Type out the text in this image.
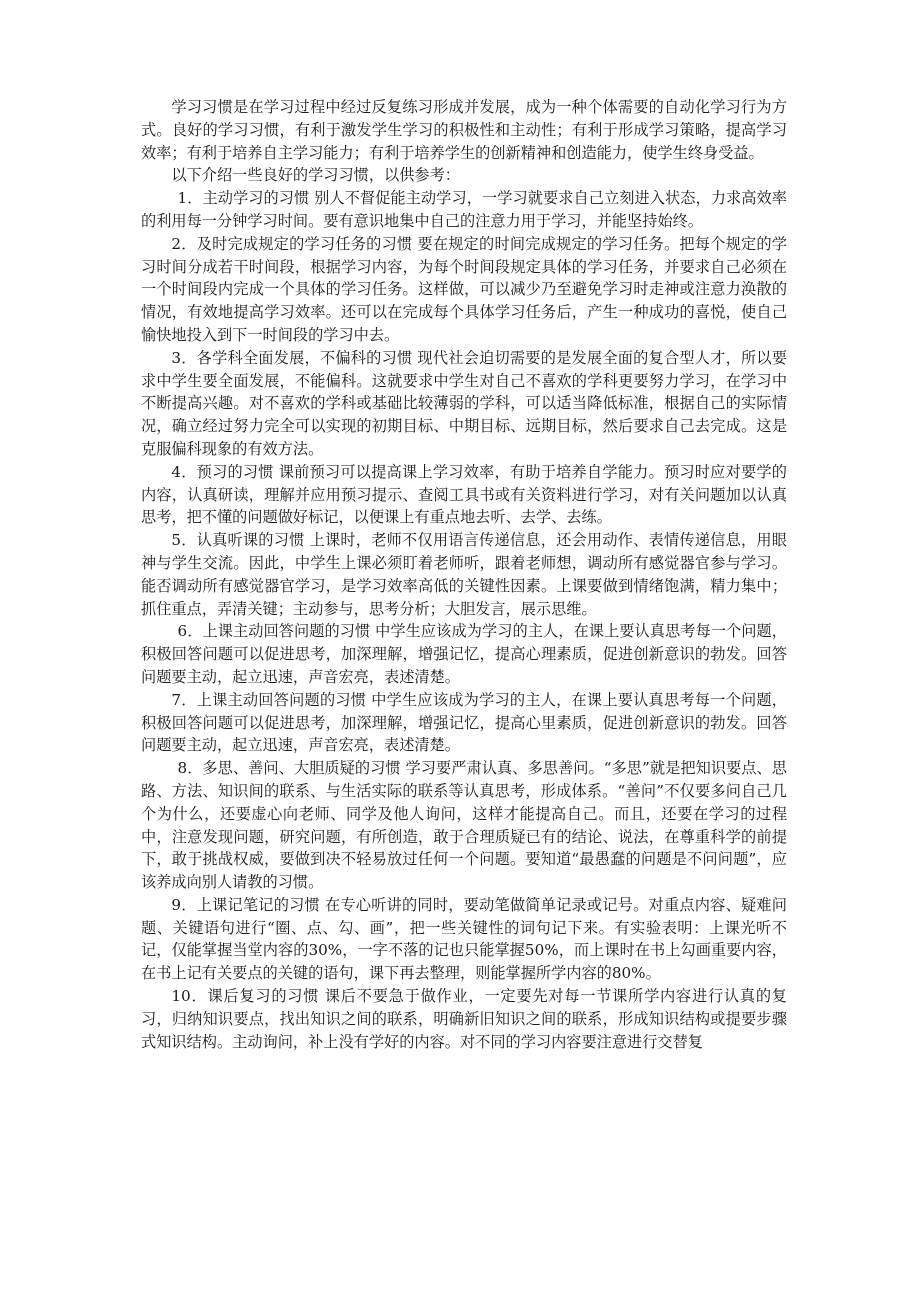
学习习惯是在学习过程中经过反复练习形成并发展，成为一种个体需要的自动化学习行为方式。良好的学习习惯，有利于激发学生学习的积极性和主动性；有利于形成学习策略，提高学习效率；有利于培养自主学习能力；有利于培养学生的创新精神和创造能力，使学生终身受益。

以下介绍一些良好的学习习惯，以供参考：

1．主动学习的习惯 别人不督促能主动学习，一学习就要求自己立刻进入状态，力求高效率的利用每一分钟学习时间。要有意识地集中自己的注意力用于学习，并能坚持始终。

2．及时完成规定的学习任务的习惯 要在规定的时间完成规定的学习任务。把每个规定的学　　习时间分成若干时间段，根据学习内容，为每个时间段规定具体的学习任务，并要求自己必须在一个时间段内完成一个具体的学习任务。这样做，可以减少乃至避免学习时走神或注意力涣散的情况，有效地提高学习效率。还可以在完成每个具体学习任务后，产生一种成功的喜悦，使自己愉快地投入到下一时间段的学习中去。

3．各学科全面发展，不偏科的习惯 现代社会迫切需要的是发展全面的复合型人才，所以要求中学生要全面发展，不能偏科。这就要求中学生对自己不喜欢的学科更要努力学习，在学习中不断提高兴趣。对不喜欢的学科或基础比较薄弱的学科，可以适当降低标准，根据自己的实际情况，确立经过努力完全可以实现的初期目标、中期目标、远期目标，然后要求自己去完成。这是克服偏科现象的有效方法。

4．预习的习惯 课前预习可以提高课上学习效率，有助于培养自学能力。预习时应对要学的内容，认真研读，理解并应用预习提示、查阅工具书或有关资料进行学习，对有关问题加以认真思考，把不懂的问题做好标记，以便课上有重点地去听、去学、去练。

5．认真听课的习惯 上课时，老师不仅用语言传递信息，还会用动作、表情传递信息，用眼神与学生交流。因此，中学生上课必须盯着老师听，跟着老师想，调动所有感觉器官参与学习。能否调动所有感觉器官学习，是学习效率高低的关键性因素。上课要做到情绪饱满，精力集中；抓住重点，弄清关键；主动参与，思考分析；大胆发言，展示思维。

6．上课主动回答问题的习惯 中学生应该成为学习的主人，在课上要认真思考每一个问题，积极回答问题可以促进思考，加深理解，增强记忆，提高心理素质，促进创新意识的勃发。回答问题要主动，起立迅速，声音宏亮，表述清楚。

7．上课主动回答问题的习惯 中学生应该成为学习的主人，在课上要认真思考每一个问题，积极回答问题可以促进思考，加深理解，增强记忆，提高心里素质，促进创新意识的勃发。回答问题要主动，起立迅速，声音宏亮，表述清楚。

8．多思、善问、大胆质疑的习惯 学习要严肃认真、多思善问。“多思”就是把知识要点、思路、方法、知识间的联系、与生活实际的联系等认真思考，形成体系。“善问”不仅要多问自己几个为什么，还要虚心向老师、同学及他人询问，这样才能提高自己。而且，还要在学习的过程中，注意发现问题，研究问题，有所创造，敢于合理质疑已有的结论、说法，在尊重科学的前提下，敢于挑战权威，要做到决不轻易放过任何一个问题。要知道“最愚蠢的问题是不问问题”，应该养成向别人请教的习惯。

9．上课记笔记的习惯 在专心听讲的同时，要动笔做简单记录或记号。对重点内容、疑难问题、关键语句进行“圈、点、勾、画”，把一些关键性的词句记下来。有实验表明：上课光听不记，仅能掌握当堂内容的30%，一字不落的记也只能掌握50%，而上课时在书上勾画重要内容，在书上记有关要点的关键的语句，课下再去整理，则能掌握所学内容的80%。

10．课后复习的习惯 课后不要急于做作业，一定要先对每一节课所学内容进行认真的复习，归纳知识要点，找出知识之间的联系，明确新旧知识之间的联系，形成知识结构或提要步骤式知识结构。主动询问，补上没有学好的内容。对不同的学习内容要注意进行交替复
